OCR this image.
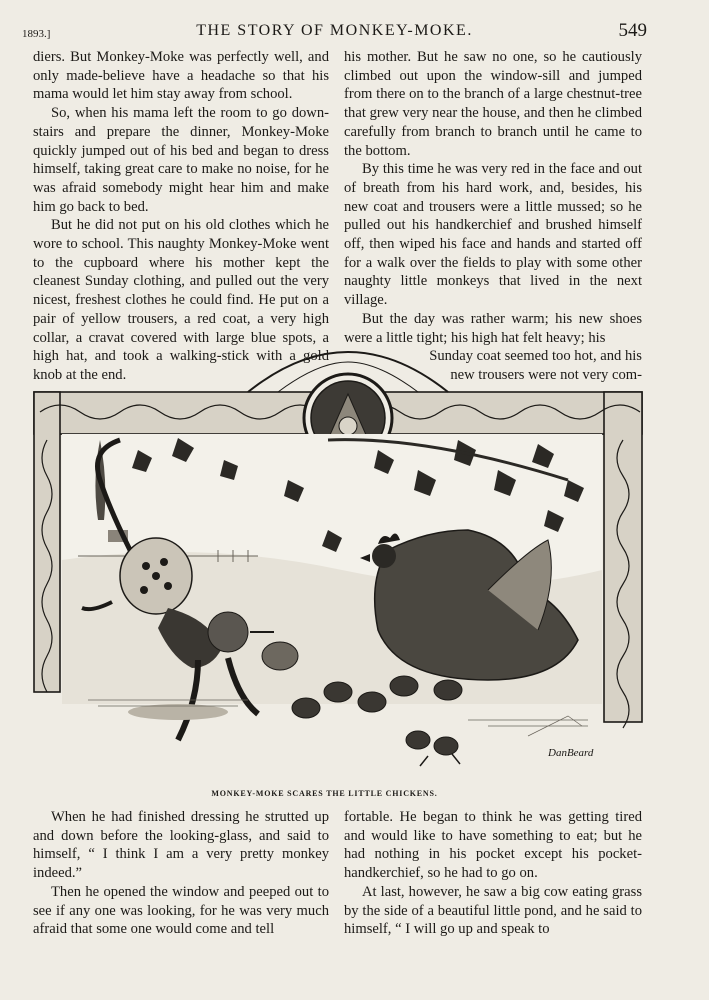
1893.]	THE STORY OF MONKEY-MOKE.	549

diers. But Monkey-Moke was perfectly well, and only made-believe have a headache so that his mama would let him stay away from school.

So, when his mama left the room to go down-stairs and prepare the dinner, Monkey-Moke quickly jumped out of his bed and began to dress himself, taking great care to make no noise, for he was afraid somebody might hear him and make him go back to bed.

But he did not put on his old clothes which he wore to school. This naughty Monkey-Moke went to the cupboard where his mother kept the cleanest Sunday clothing, and pulled out the very nicest, freshest clothes he could find. He put on a pair of yellow trousers, a red coat, a very high collar, a cravat covered with large blue spots, a high hat, and took a walking-stick with a gold knob at the end.

his mother. But he saw no one, so he cautiously climbed out upon the window-sill and jumped from there on to the branch of a large chestnut-tree that grew very near the house, and then he climbed carefully from branch to branch until he came to the bottom.

By this time he was very red in the face and out of breath from his hard work, and, besides, his new coat and trousers were a little mussed; so he pulled out his handkerchief and brushed himself off, then wiped his face and hands and started off for a walk over the fields to play with some other naughty little monkeys that lived in the next village.

But the day was rather warm; his new shoes were a little tight; his high hat felt heavy; his

Sunday coat seemed too hot, and his

new trousers were not very com-

DanBeard
MONKEY-MOKE SCARES THE LITTLE CHICKENS.

When he had finished dressing he strutted up and down before the looking-glass, and said to himself, “ I think I am a very pretty monkey indeed.”

Then he opened the window and peeped out to see if any one was looking, for he was very much afraid that some one would come and tell

fortable. He began to think he was getting tired and would like to have something to eat; but he had nothing in his pocket except his pocket-handkerchief, so he had to go on.

At last, however, he saw a big cow eating grass by the side of a beautiful little pond, and he said to himself, “ I will go up and speak to
